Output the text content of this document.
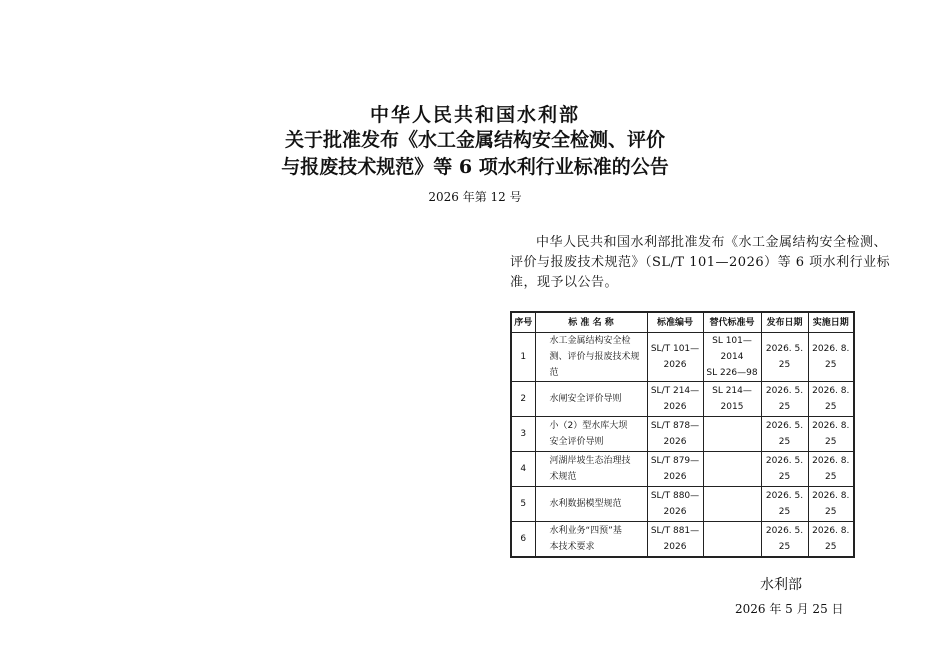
中华人民共和国水利部
关于批准发布《水工金属结构安全检测、评价
与报废技术规范》等 6 项水利行业标准的公告
2026 年第 12 号
中华人民共和国水利部批准发布《水工金属结构安全检测、
评价与报废技术规范》（SL/T 101—2026）等 6 项水利行业标
准，现予以公告。
序号	标 准 名 称	标准编号	替代标准号	发布日期	实施日期

1	水工金属结构安全检
测、评价与报废技术规范	SL/T 101—
2026	SL 101—2014
SL 226—98	2026. 5. 25	2026. 8. 25

2	水闸安全评价导则	SL/T 214—
2026	SL 214—2015	2026. 5. 25	2026. 8. 25

3	小（2）型水库大坝
安全评价导则	SL/T 878—
2026		2026. 5. 25	2026. 8. 25

4	河湖岸坡生态治理技
术规范	SL/T 879—
2026		2026. 5. 25	2026. 8. 25

5	水利数据模型规范	SL/T 880—
2026		2026. 5. 25	2026. 8. 25

6	水利业务“四预”基
本技术要求	SL/T 881—
2026		2026. 5. 25	2026. 8. 25
水利部
2026 年 5 月 25 日
